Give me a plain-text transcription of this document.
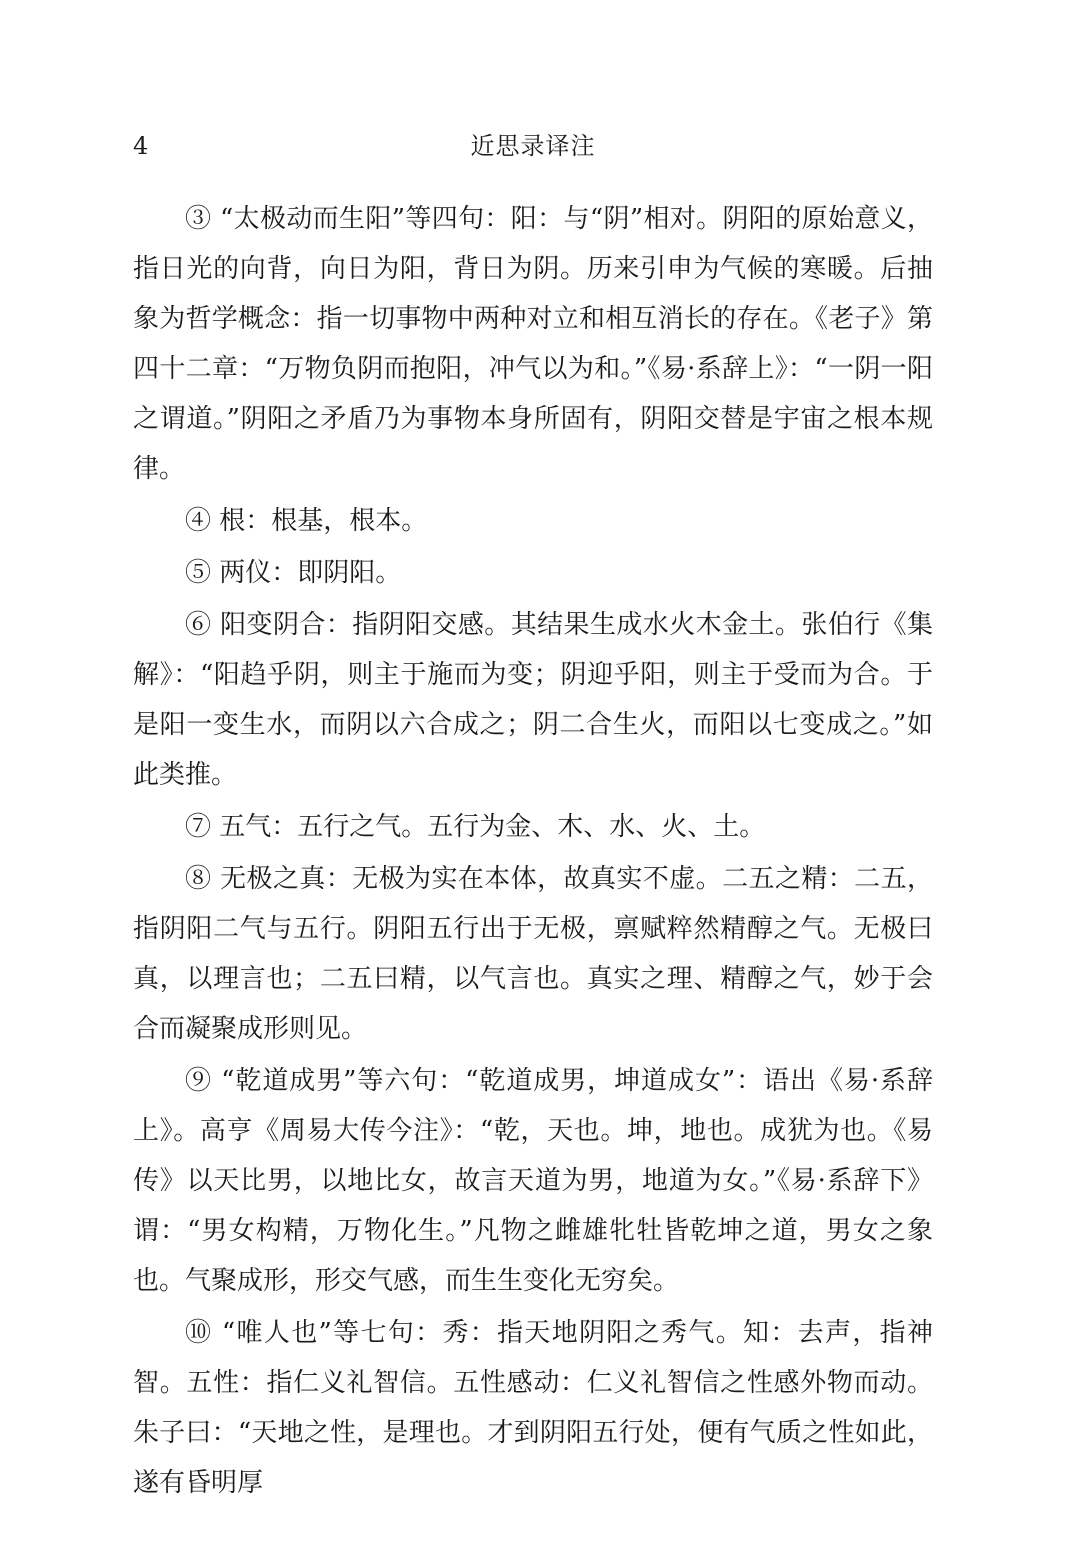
4	近思录译注

③ “太极动而生阳”等四句：阳：与“阴”相对。阴阳的原始意义，指日光的向背，向日为阳，背日为阴。历来引申为气候的寒暖。后抽象为哲学概念：指一切事物中两种对立和相互消长的存在。《老子》第四十二章：“万物负阴而抱阳，冲气以为和。”《易·系辞上》：“一阴一阳之谓道。”阴阳之矛盾乃为事物本身所固有，阴阳交替是宇宙之根本规律。

④ 根：根基，根本。

⑤ 两仪：即阴阳。

⑥ 阳变阴合：指阴阳交感。其结果生成水火木金土。张伯行《集解》：“阳趋乎阴，则主于施而为变；阴迎乎阳，则主于受而为合。于是阳一变生水，而阴以六合成之；阴二合生火，而阳以七变成之。”如此类推。

⑦ 五气：五行之气。五行为金、木、水、火、土。

⑧ 无极之真：无极为实在本体，故真实不虚。二五之精：二五，指阴阳二气与五行。阴阳五行出于无极，禀赋粹然精醇之气。无极曰真，以理言也；二五曰精，以气言也。真实之理、精醇之气，妙于会合而凝聚成形则见。

⑨ “乾道成男”等六句：“乾道成男，坤道成女”：语出《易·系辞上》。高亨《周易大传今注》：“乾，天也。坤，地也。成犹为也。《易传》以天比男，以地比女，故言天道为男，地道为女。”《易·系辞下》谓：“男女构精，万物化生。”凡物之雌雄牝牡皆乾坤之道，男女之象也。气聚成形，形交气感，而生生变化无穷矣。

⑩ “唯人也”等七句：秀：指天地阴阳之秀气。知：去声，指神智。五性：指仁义礼智信。五性感动：仁义礼智信之性感外物而动。朱子曰：“天地之性，是理也。才到阴阳五行处，便有气质之性如此，遂有昏明厚
